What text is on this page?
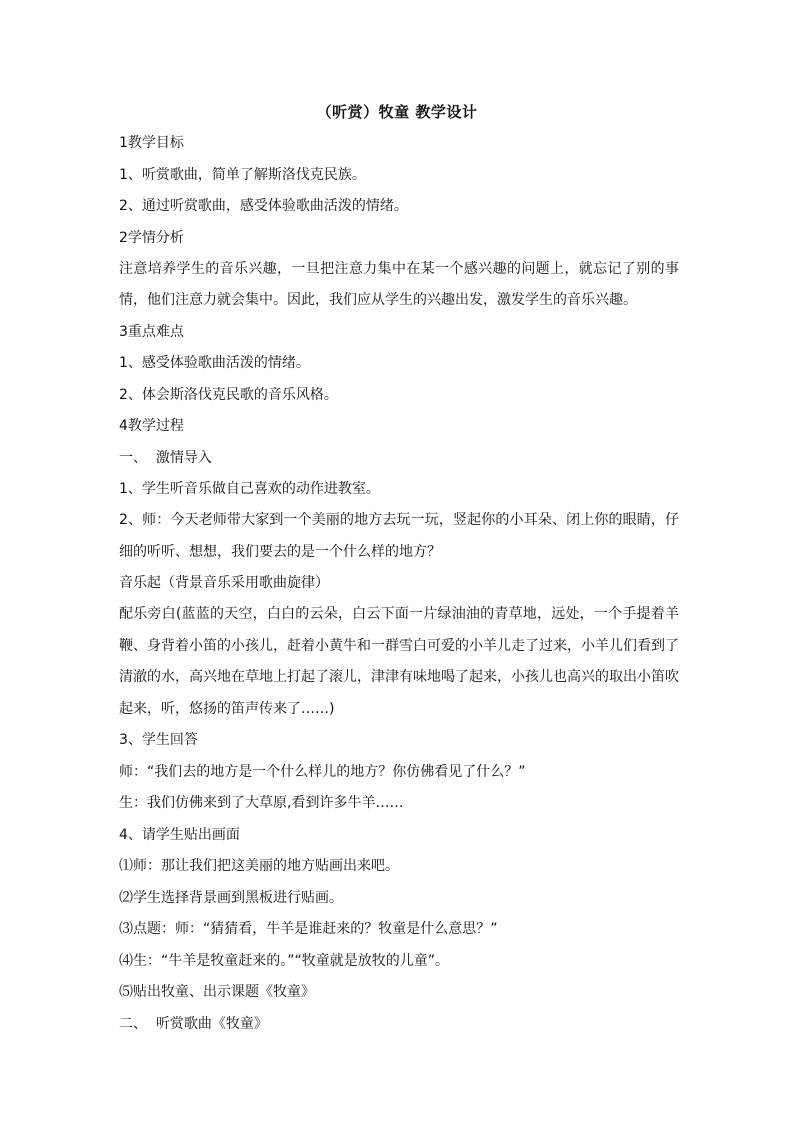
（听赏）牧童 教学设计
1教学目标
1、听赏歌曲，简单了解斯洛伐克民族。
2、通过听赏歌曲，感受体验歌曲活泼的情绪。
2学情分析
注意培养学生的音乐兴趣，一旦把注意力集中在某一个感兴趣的问题上，就忘记了别的事情，他们注意力就会集中。因此，我们应从学生的兴趣出发，激发学生的音乐兴趣。
3重点难点
1、感受体验歌曲活泼的情绪。
2、体会斯洛伐克民歌的音乐风格。
4教学过程
一、  激情导入
1、学生听音乐做自己喜欢的动作进教室。
2、师：今天老师带大家到一个美丽的地方去玩一玩，竖起你的小耳朵、闭上你的眼睛，仔细的听听、想想，我们要去的是一个什么样的地方？
音乐起（背景音乐采用歌曲旋律）
配乐旁白(蓝蓝的天空，白白的云朵，白云下面一片绿油油的青草地，远处，一个手提着羊鞭、身背着小笛的小孩儿，赶着小黄牛和一群雪白可爱的小羊儿走了过来，小羊儿们看到了清澈的水，高兴地在草地上打起了滚儿，津津有味地喝了起来，小孩儿也高兴的取出小笛吹起来，听，悠扬的笛声传来了……)
3、学生回答
师：“我们去的地方是一个什么样儿的地方？你仿佛看见了什么？”
生：我们仿佛来到了大草原,看到许多牛羊……
4、请学生贴出画面
⑴师：那让我们把这美丽的地方贴画出来吧。
⑵学生选择背景画到黑板进行贴画。
⑶点题：师：“猜猜看，牛羊是谁赶来的？牧童是什么意思？”
⑷生：“牛羊是牧童赶来的。”“牧童就是放牧的儿童”。
⑸贴出牧童、出示课题《牧童》
二、  听赏歌曲《牧童》
